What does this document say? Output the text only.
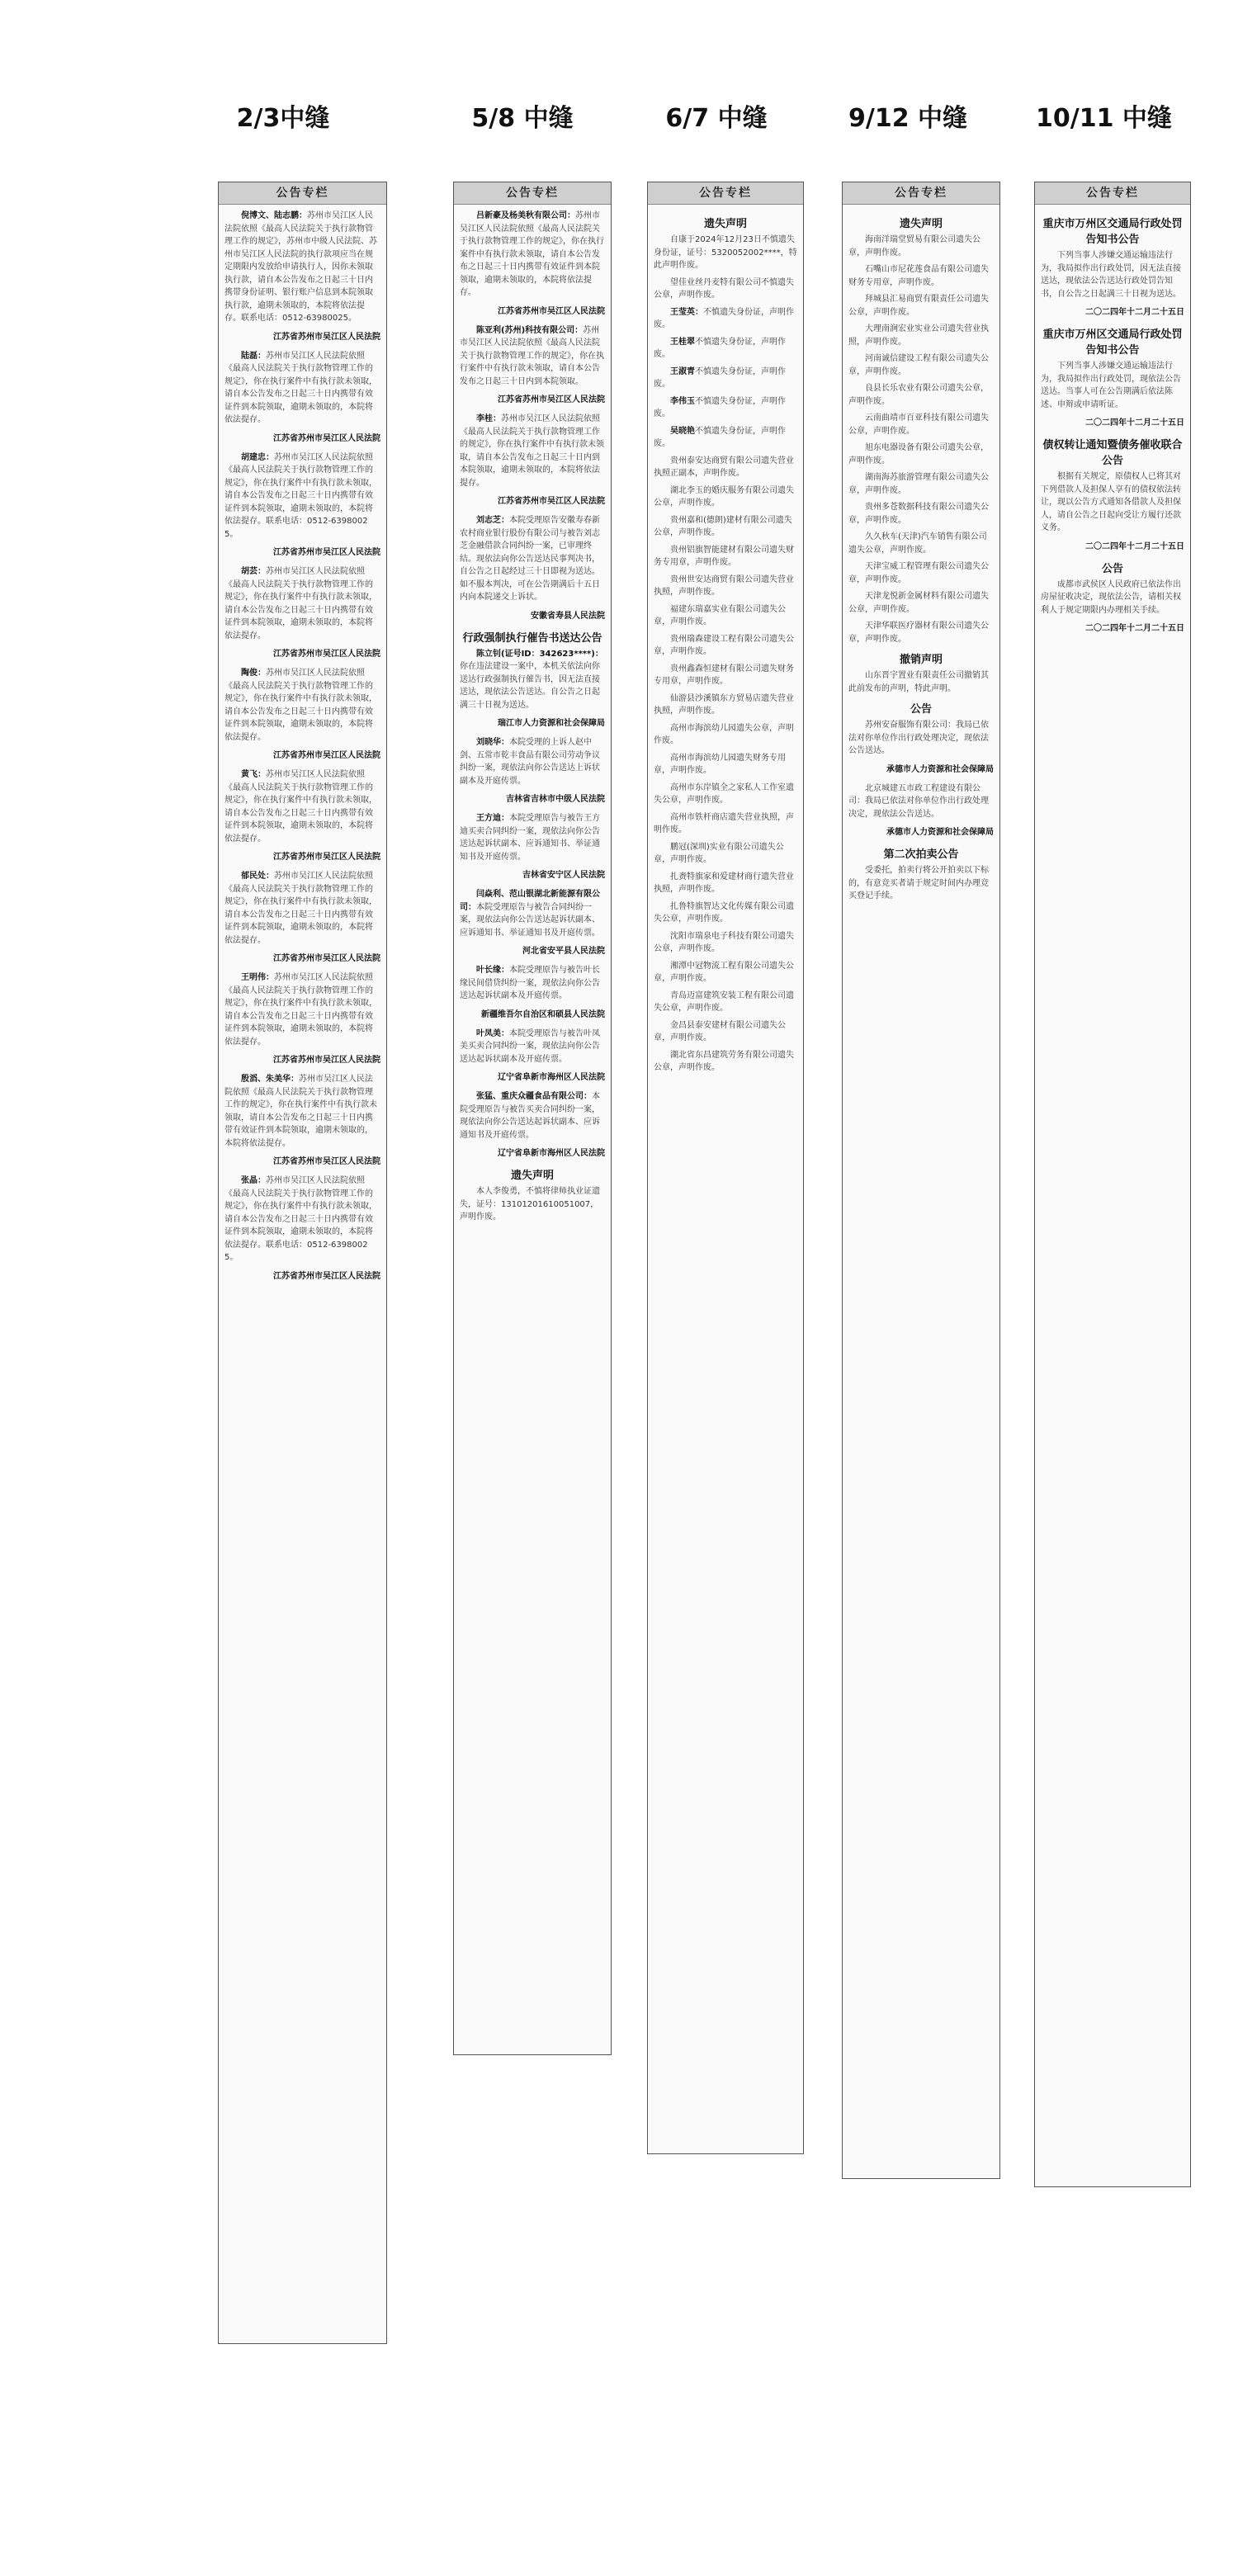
2/3中缝	5/8 中缝	6/7 中缝	9/12 中缝	10/11 中缝
公告专栏

倪博文、陆志鹏：苏州市吴江区人民法院依照《最高人民法院关于执行款物管理工作的规定》，苏州市中级人民法院、苏州市吴江区人民法院的执行款项应当在规定期限内发放给申请执行人，因你未领取执行款，请自本公告发布之日起三十日内携带身份证明、银行账户信息到本院领取执行款，逾期未领取的，本院将依法提存。联系电话：0512-63980025。

江苏省苏州市吴江区人民法院

陆磊：苏州市吴江区人民法院依照《最高人民法院关于执行款物管理工作的规定》，你在执行案件中有执行款未领取，请自本公告发布之日起三十日内携带有效证件到本院领取，逾期未领取的，本院将依法提存。

江苏省苏州市吴江区人民法院

胡建忠：苏州市吴江区人民法院依照《最高人民法院关于执行款物管理工作的规定》，你在执行案件中有执行款未领取，请自本公告发布之日起三十日内携带有效证件到本院领取，逾期未领取的，本院将依法提存。联系电话：0512-63980025。

江苏省苏州市吴江区人民法院

胡芸：苏州市吴江区人民法院依照《最高人民法院关于执行款物管理工作的规定》，你在执行案件中有执行款未领取，请自本公告发布之日起三十日内携带有效证件到本院领取，逾期未领取的，本院将依法提存。

江苏省苏州市吴江区人民法院

陶俊：苏州市吴江区人民法院依照《最高人民法院关于执行款物管理工作的规定》，你在执行案件中有执行款未领取，请自本公告发布之日起三十日内携带有效证件到本院领取，逾期未领取的，本院将依法提存。

江苏省苏州市吴江区人民法院

黄飞：苏州市吴江区人民法院依照《最高人民法院关于执行款物管理工作的规定》，你在执行案件中有执行款未领取，请自本公告发布之日起三十日内携带有效证件到本院领取，逾期未领取的，本院将依法提存。

江苏省苏州市吴江区人民法院

郁民处：苏州市吴江区人民法院依照《最高人民法院关于执行款物管理工作的规定》，你在执行案件中有执行款未领取，请自本公告发布之日起三十日内携带有效证件到本院领取，逾期未领取的，本院将依法提存。

江苏省苏州市吴江区人民法院

王明伟：苏州市吴江区人民法院依照《最高人民法院关于执行款物管理工作的规定》，你在执行案件中有执行款未领取，请自本公告发布之日起三十日内携带有效证件到本院领取，逾期未领取的，本院将依法提存。

江苏省苏州市吴江区人民法院

殷滔、朱美华：苏州市吴江区人民法院依照《最高人民法院关于执行款物管理工作的规定》，你在执行案件中有执行款未领取，请自本公告发布之日起三十日内携带有效证件到本院领取，逾期未领取的，本院将依法提存。

江苏省苏州市吴江区人民法院

张晶：苏州市吴江区人民法院依照《最高人民法院关于执行款物管理工作的规定》，你在执行案件中有执行款未领取，请自本公告发布之日起三十日内携带有效证件到本院领取，逾期未领取的，本院将依法提存。联系电话：0512-63980025。

江苏省苏州市吴江区人民法院
公告专栏

吕新豪及杨美秋有限公司：苏州市吴江区人民法院依照《最高人民法院关于执行款物管理工作的规定》，你在执行案件中有执行款未领取，请自本公告发布之日起三十日内携带有效证件到本院领取，逾期未领取的，本院将依法提存。

江苏省苏州市吴江区人民法院

陈亚利(苏州)科技有限公司：苏州市吴江区人民法院依照《最高人民法院关于执行款物管理工作的规定》，你在执行案件中有执行款未领取，请自本公告发布之日起三十日内到本院领取。

江苏省苏州市吴江区人民法院

李桂：苏州市吴江区人民法院依照《最高人民法院关于执行款物管理工作的规定》，你在执行案件中有执行款未领取，请自本公告发布之日起三十日内到本院领取，逾期未领取的，本院将依法提存。

江苏省苏州市吴江区人民法院

刘志芝：本院受理原告安徽寿春新农村商业银行股份有限公司与被告刘志芝金融借款合同纠纷一案，已审理终结。现依法向你公告送达民事判决书，自公告之日起经过三十日即视为送达。如不服本判决，可在公告期满后十五日内向本院递交上诉状。

安徽省寿县人民法院
行政强制执行催告书送达公告

陈立钊(证号ID：342623****)：你在违法建设一案中，本机关依法向你送达行政强制执行催告书，因无法直接送达，现依法公告送达。自公告之日起满三十日视为送达。

瑞江市人力资源和社会保障局

刘晓华：本院受理的上诉人赵中剑、五常市乾丰食品有限公司劳动争议纠纷一案，现依法向你公告送达上诉状副本及开庭传票。

吉林省吉林市中级人民法院

王方迪：本院受理原告与被告王方迪买卖合同纠纷一案，现依法向你公告送达起诉状副本、应诉通知书、举证通知书及开庭传票。

吉林省安宁区人民法院

闫焱利、范山银湖北新能源有限公司：本院受理原告与被告合同纠纷一案，现依法向你公告送达起诉状副本、应诉通知书、举证通知书及开庭传票。

河北省安平县人民法院

叶长缘：本院受理原告与被告叶长缘民间借贷纠纷一案，现依法向你公告送达起诉状副本及开庭传票。

新疆维吾尔自治区和硕县人民法院

叶凤美：本院受理原告与被告叶凤美买卖合同纠纷一案，现依法向你公告送达起诉状副本及开庭传票。

辽宁省阜新市海州区人民法院

张猛、重庆众疆食品有限公司：本院受理原告与被告买卖合同纠纷一案，现依法向你公告送达起诉状副本、应诉通知书及开庭传票。

辽宁省阜新市海州区人民法院
遗失声明

本人李俊勇，不慎将律师执业证遗失，证号：13101201610051007，声明作废。

公告专栏
遗失声明

自康于2024年12月23日不慎遗失身份证，证号：5320052002****，特此声明作废。

望佳业丝丹麦特有限公司不慎遗失公章，声明作废。

王莹英：不慎遗失身份证，声明作废。

王桂翠不慎遗失身份证，声明作废。

王淑青不慎遗失身份证，声明作废。

李伟玉不慎遗失身份证，声明作废。

吴晓艳不慎遗失身份证，声明作废。

贵州泰安达商贸有限公司遗失营业执照正副本，声明作废。

湖北李玉的婚庆服务有限公司遗失公章，声明作废。

贵州嘉和(德朗)建材有限公司遗失公章，声明作废。

贵州铝旗智能建材有限公司遗失财务专用章，声明作废。

贵州世安达商贸有限公司遗失营业执照，声明作废。

福建东瑞嘉实业有限公司遗失公章，声明作废。

贵州瑞森建设工程有限公司遗失公章，声明作废。

贵州鑫森恒建材有限公司遗失财务专用章，声明作废。

仙游县沙溪镇东方贸易店遗失营业执照，声明作废。

高州市海滨幼儿园遗失公章，声明作废。

高州市海滨幼儿园遗失财务专用章，声明作废。

高州市东岸镇全之家私人工作室遗失公章，声明作废。

高州市铁杆商店遗失营业执照，声明作废。

鹏冠(深圳)实业有限公司遗失公章，声明作废。

扎赉特旗家和爱建材商行遗失营业执照，声明作废。

扎鲁特旗智达文化传媒有限公司遗失公章，声明作废。

沈阳市瑞泉电子科技有限公司遗失公章，声明作废。

湘潭中冠物流工程有限公司遗失公章，声明作废。

青岛迈富建筑安装工程有限公司遗失公章，声明作废。

金昌县泰安建材有限公司遗失公章，声明作废。

湖北省东昌建筑劳务有限公司遗失公章，声明作废。

公告专栏
遗失声明

海南洋瑞堂贸易有限公司遗失公章，声明作废。

石嘴山市尼花莲食品有限公司遗失财务专用章，声明作废。

拜城县汇易商贸有限责任公司遗失公章，声明作废。

大理南涧宏业实业公司遗失营业执照，声明作废。

河南诚信建设工程有限公司遗失公章，声明作废。

良县长乐农业有限公司遗失公章，声明作废。

云南曲靖市百亚科技有限公司遗失公章，声明作废。

旭东电器设备有限公司遗失公章，声明作废。

湖南海苏旅游管理有限公司遗失公章，声明作废。

贵州多苍数据科技有限公司遗失公章，声明作废。

久久秋车(天津)汽车销售有限公司遗失公章，声明作废。

天津宝威工程管理有限公司遗失公章，声明作废。

天津龙悦新金属材料有限公司遗失公章，声明作废。

天津华联医疗器材有限公司遗失公章，声明作废。

撤销声明

山东晋宇置业有限责任公司撤销其此前发布的声明，特此声明。

公告

苏州安奋服饰有限公司：我局已依法对你单位作出行政处理决定，现依法公告送达。

承德市人力资源和社会保障局

北京城建五市政工程建设有限公司：我局已依法对你单位作出行政处理决定，现依法公告送达。

承德市人力资源和社会保障局
第二次拍卖公告

受委托，拍卖行将公开拍卖以下标的，有意竞买者请于规定时间内办理竞买登记手续。

公告专栏
重庆市万州区交通局行政处罚告知书公告

下列当事人涉嫌交通运输违法行为，我局拟作出行政处罚，因无法直接送达，现依法公告送达行政处罚告知书，自公告之日起满三十日视为送达。

二〇二四年十二月二十五日
重庆市万州区交通局行政处罚告知书公告

下列当事人涉嫌交通运输违法行为，我局拟作出行政处罚，现依法公告送达。当事人可在公告期满后依法陈述、申辩或申请听证。

二〇二四年十二月二十五日
债权转让通知暨债务催收联合公告

根据有关规定，原债权人已将其对下列借款人及担保人享有的债权依法转让，现以公告方式通知各借款人及担保人，请自公告之日起向受让方履行还款义务。

二〇二四年十二月二十五日
公告

成都市武侯区人民政府已依法作出房屋征收决定，现依法公告，请相关权利人于规定期限内办理相关手续。

二〇二四年十二月二十五日
